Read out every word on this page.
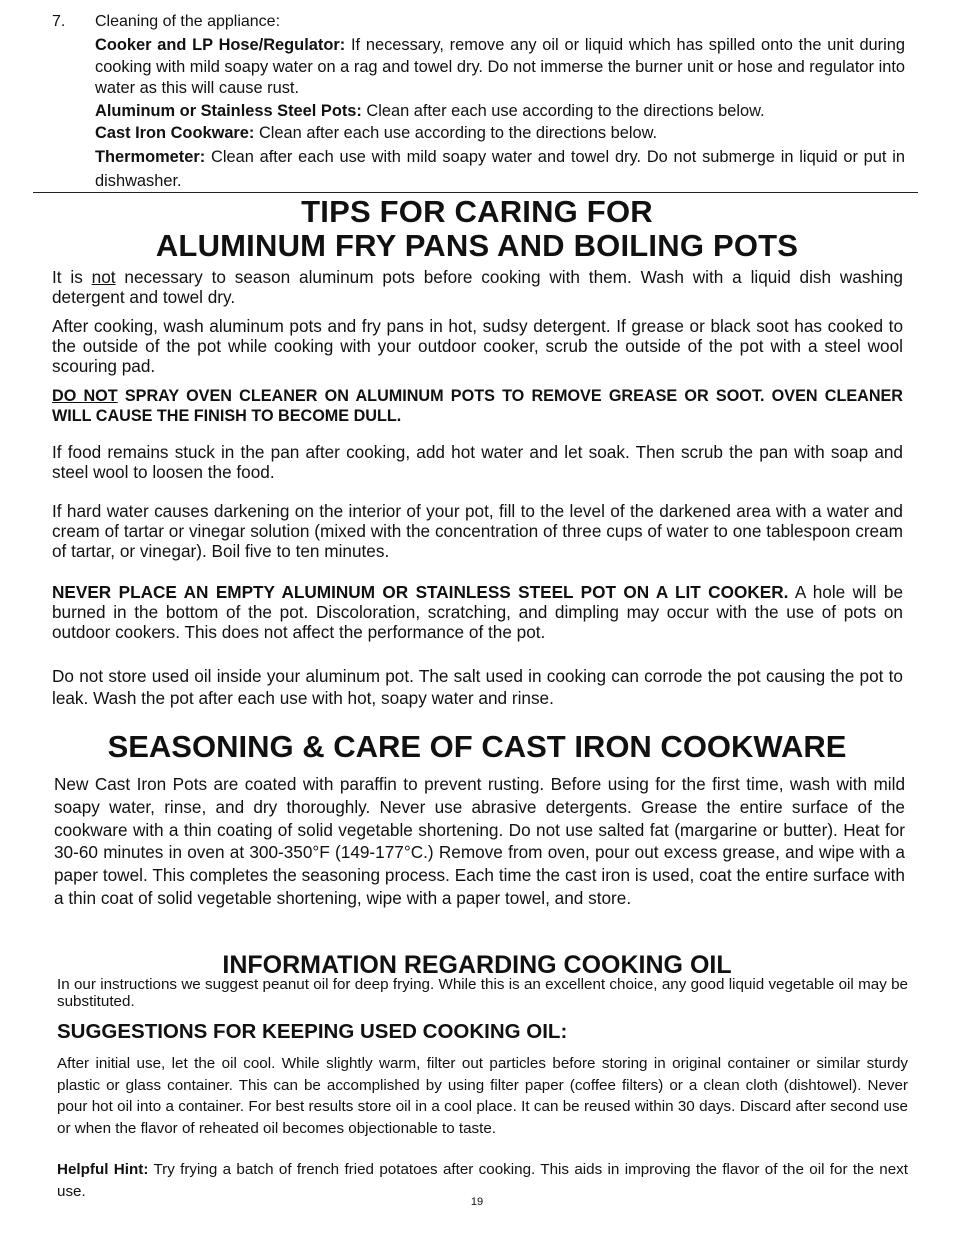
7. Cleaning of the appliance:
Cooker and LP Hose/Regulator: If necessary, remove any oil or liquid which has spilled onto the unit during cooking with mild soapy water on a rag and towel dry. Do not immerse the burner unit or hose and regulator into water as this will cause rust.
Aluminum or Stainless Steel Pots: Clean after each use according to the directions below.
Cast Iron Cookware: Clean after each use according to the directions below.
Thermometer: Clean after each use with mild soapy water and towel dry. Do not submerge in liquid or put in dishwasher.
TIPS FOR CARING FOR
ALUMINUM FRY PANS AND BOILING POTS
It is not necessary to season aluminum pots before cooking with them. Wash with a liquid dish washing detergent and towel dry.
After cooking, wash aluminum pots and fry pans in hot, sudsy detergent. If grease or black soot has cooked to the outside of the pot while cooking with your outdoor cooker, scrub the outside of the pot with a steel wool scouring pad.
DO NOT SPRAY OVEN CLEANER ON ALUMINUM POTS TO REMOVE GREASE OR SOOT. OVEN CLEANER WILL CAUSE THE FINISH TO BECOME DULL.
If food remains stuck in the pan after cooking, add hot water and let soak. Then scrub the pan with soap and steel wool to loosen the food.
If hard water causes darkening on the interior of your pot, fill to the level of the darkened area with a water and cream of tartar or vinegar solution (mixed with the concentration of three cups of water to one tablespoon cream of tartar, or vinegar). Boil five to ten minutes.
NEVER PLACE AN EMPTY ALUMINUM OR STAINLESS STEEL POT ON A LIT COOKER. A hole will be burned in the bottom of the pot. Discoloration, scratching, and dimpling may occur with the use of pots on outdoor cookers. This does not affect the performance of the pot.
Do not store used oil inside your aluminum pot. The salt used in cooking can corrode the pot causing the pot to leak. Wash the pot after each use with hot, soapy water and rinse.
SEASONING & CARE OF CAST IRON COOKWARE
New Cast Iron Pots are coated with paraffin to prevent rusting. Before using for the first time, wash with mild soapy water, rinse, and dry thoroughly. Never use abrasive detergents. Grease the entire surface of the cookware with a thin coating of solid vegetable shortening. Do not use salted fat (margarine or butter). Heat for 30-60 minutes in oven at 300-350°F (149-177°C.) Remove from oven, pour out excess grease, and wipe with a paper towel. This completes the seasoning process. Each time the cast iron is used, coat the entire surface with a thin coat of solid vegetable shortening, wipe with a paper towel, and store.
INFORMATION REGARDING COOKING OIL
In our instructions we suggest peanut oil for deep frying. While this is an excellent choice, any good liquid vegetable oil may be substituted.
SUGGESTIONS FOR KEEPING USED COOKING OIL:
After initial use, let the oil cool. While slightly warm, filter out particles before storing in original container or similar sturdy plastic or glass container. This can be accomplished by using filter paper (coffee filters) or a clean cloth (dishtowel). Never pour hot oil into a container. For best results store oil in a cool place. It can be reused within 30 days. Discard after second use or when the flavor of reheated oil becomes objectionable to taste.
Helpful Hint: Try frying a batch of french fried potatoes after cooking. This aids in improving the flavor of the oil for the next use.
19
